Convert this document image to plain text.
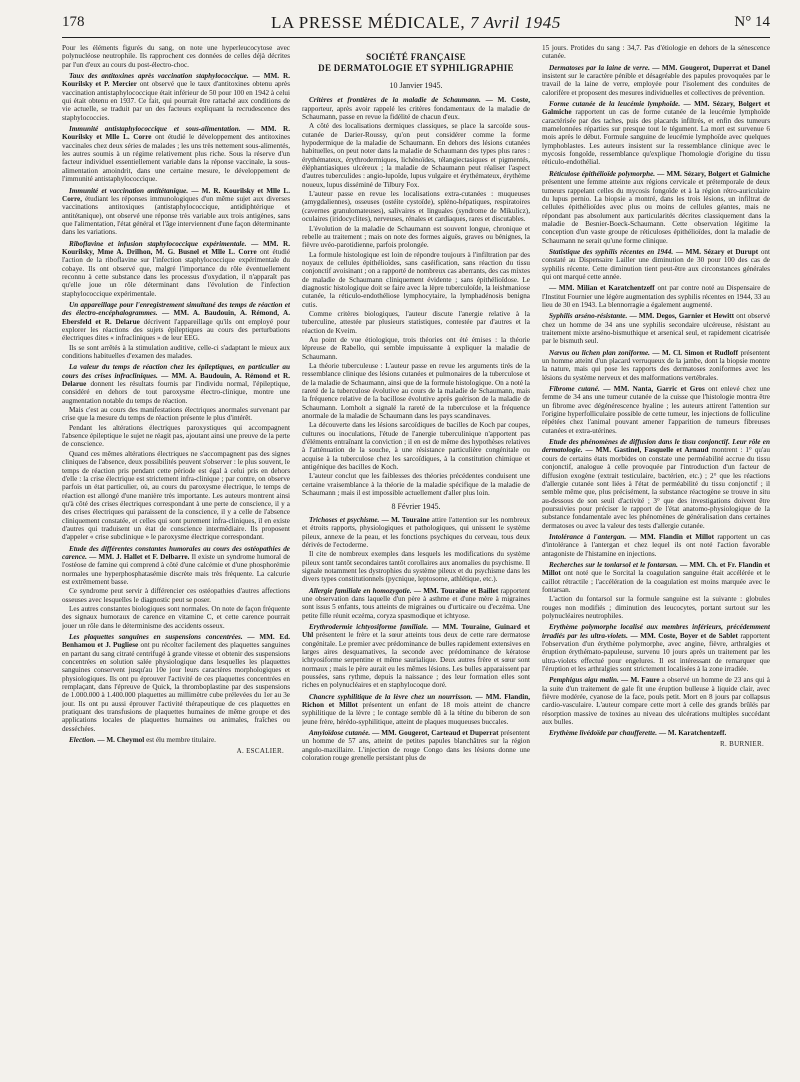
178	LA PRESSE MÉDICALE, 7 Avril 1945	N° 14

Pour les éléments figurés du sang, on note une hyperleucocytose avec polynucléose neutrophile. Ils rapprochent ces données de celles déjà décrites par l'un d'eux au cours du post-électro-choc.

Taux des antitoxines après vaccination staphylococcique. — MM. R. Kourilsky et P. Mercier ont observé que le taux d'antitoxines obtenu après vaccination antistaphylococcique était inférieur de 50 pour 100 en 1942 à celui qui était obtenu en 1937. Ce fait, qui pourrait être rattaché aux conditions de vie actuelle, se traduit par un des facteurs expliquant la recrudescence des staphylococcies.

Immunité antistaphylococcique et sous-alimentation. — MM. R. Kourilsky et Mlle L. Corre ont étudié le développement des antitoxines vaccinales chez deux séries de malades ; les uns très nettement sous-alimentés, les autres soumis à un régime relativement plus riche. Sous la réserve d'un facteur individuel essentiellement variable dans la réponse vaccinale, la sous-alimentation amoindrit, dans une certaine mesure, le développement de l'immunité antistaphylococcique.

Immunité et vaccination antitétanique. — M. R. Kourilsky et Mlle L. Corre, étudiant les réponses immunologiques d'un même sujet aux diverses vaccinations antitoxiques (antistaphylococcique, antidiphtérique et antitétanique), ont observé une réponse très variable aux trois antigènes, sans que l'alimentation, l'état général et l'âge interviennent d'une façon déterminante dans les variations.

Riboflavine et infusion staphylococcique expérimentale. — MM. R. Kourilsky, Mme A. Drilhon, M. G. Busnel et Mlle L. Corre ont étudié l'action de la riboflavine sur l'infection staphylococcique expérimentale du cobaye. Ils ont observé que, malgré l'importance du rôle éventuellement reconnu à cette substance dans les processus d'oxydation, il n'apparaît pas qu'elle joue un rôle déterminant dans l'évolution de l'infection staphylococcique expérimentale.

Un appareillage pour l'enregistrement simultané des temps de réaction et des électro-encéphalogrammes. — MM. A. Baudouin, A. Rémond, A. Ebersfeld et R. Delarue décrivent l'appareillage qu'ils ont employé pour explorer les réactions des sujets épileptiques au cours des perturbations électriques dites « infracliniques » de leur EEG.

Ils se sont arrêtés à la stimulation auditive, celle-ci s'adaptant le mieux aux conditions habituelles d'examen des malades.

La valeur du temps de réaction chez les épileptiques, en particulier au cours des crises infracliniques. — MM. A. Baudouin, A. Rémond et R. Delarue donnent les résultats fournis par l'individu normal, l'épileptique, considéré en dehors de tout paroxysme électro-clinique, montre une augmentation notable du temps de réaction.

Mais c'est au cours des manifestations électriques anormales survenant par crise que la mesure du temps de réaction présente le plus d'intérêt.

Pendant les altérations électriques paroxystiques qui accompagnent l'absence épileptique le sujet ne réagit pas, ajoutant ainsi une preuve de la perte de conscience.

Quand ces mêmes altérations électriques ne s'accompagnent pas des signes cliniques de l'absence, deux possibilités peuvent s'observer : le plus souvent, le temps de réaction pris pendant cette période est égal à celui pris en dehors d'elle : la crise électrique est strictement infra-clinique ; par contre, on observe parfois un état particulier, où, au cours du paroxysme électrique, le temps de réaction est allongé d'une manière très importante. Les auteurs montrent ainsi qu'à côté des crises électriques correspondant à une perte de conscience, il y a des crises électriques qui paraissent de la conscience, il y a celle de l'absence cliniquement constatée, et celles qui sont purement infra-cliniques, il en existe d'autres qui traduisent un état de conscience intermédiaire. Ils proposent d'appeler « crise subclinique » le paroxysme électrique correspondant.

Etude des différentes constantes humorales au cours des ostéopathies de carence. — MM. J. Hallet et F. Delbarre. Il existe un syndrome humoral de l'ostéose de famine qui comprend à côté d'une calcémie et d'une phosphorémie normales une hyperphosphatasémie discrète mais très fréquente. La calcurie est extrêmement basse.

Ce syndrome peut servir à différencier ces ostéopathies d'autres affections osseuses avec lesquelles le diagnostic peut se poser.

Les autres constantes biologiques sont normales. On note de façon fréquente des signaux humoraux de carence en vitamine C, et cette carence pourrait jouer un rôle dans le déterminisme des accidents osseux.

Les plaquettes sanguines en suspensions concentrées. — MM. Ed. Benhamou et J. Pugliese ont pu récolter facilement des plaquettes sanguines en partant du sang citraté centrifugé à grande vitesse et obtenir des suspensions concentrées en solution salée physiologique dans lesquelles les plaquettes sanguines conservent jusqu'au 10e jour leurs caractères morphologiques et physiologiques. Ils ont pu éprouver l'activité de ces plaquettes concentrées en remplaçant, dans l'épreuve de Quick, la thromboplastine par des suspensions de 1.000.000 à 1.400.000 plaquettes au millimètre cube prélevées du 1er au 3e jour. Ils ont pu aussi éprouver l'activité thérapeutique de ces plaquettes en pratiquant des transfusions de plaquettes humaines de même groupe et des applications locales de plaquettes humaines ou animales, fraîches ou desséchées.

Election. — M. Cheymol est élu membre titulaire.

A. ESCALIER.
SOCIÉTÉ FRANÇAISE
DE DERMATOLOGIE ET SYPHILIGRAPHIE
10 Janvier 1945.

Critères et frontières de la maladie de Schaumann. — M. Coste, rapporteur, après avoir rappelé les critères fondamentaux de la maladie de Schaumann, passe en revue la fidélité de chacun d'eux.

A côté des localisations dermiques classiques, se place la sarcoïde sous-cutanée de Darier-Roussy, qu'on peut considérer comme la forme hypodermique de la maladie de Schaumann. En dehors des lésions cutanées habituelles, on peut noter dans la maladie de Schaumann des types plus rares : érythémateux, érythrodermiques, lichénoïdes, télangiectasiques et pigmentés, éléphantiasiques ulcéreux ; la maladie de Schaumann peut réaliser l'aspect d'autres tuberculides : angio-lupoïde, lupus vulgaire et érythémateux, érythème noueux, lupus disséminé de Tilbury Fox.

L'auteur passe en revue les localisations extra-cutanées : muqueuses (amygdaliennes), osseuses (ostéite cystoïde), spléno-hépatiques, respiratoires (cavernes granulomateuses), salivaires et linguales (syndrome de Mikulicz), oculaires (iridocyclites), nerveuses, rénales et cardiaques, rares et discutables.

L'évolution de la maladie de Schaumann est souvent longue, chronique et rebelle au traitement ; mais on note des formes aiguës, graves ou bénignes, la fièvre uvéo-parotidienne, parfois prolongée.

La formule histologique est loin de répondre toujours à l'infiltration par des noyaux de cellules épithélioïdes, sans caséification, sans réaction du tissu conjonctif avoisinant ; on a rapporté de nombreux cas aberrants, des cas mixtes de maladie de Schaumann cliniquement évidente ; sans épithélioïdose. Le diagnostic histologique doit se faire avec la lèpre tuberculoïde, la leishmaniose cutanée, la réticulo-endothéliose lymphocytaire, la lymphadénosis benigna cutis.

Comme critères biologiques, l'auteur discute l'anergie relative à la tuberculine, attestée par plusieurs statistiques, contestée par d'autres et la réaction de Kveim.

Au point de vue étiologique, trois théories ont été émises : la théorie lépreuse de Rabello, qui semble impuissante à expliquer la maladie de Schaumann.

La théorie tuberculeuse : L'auteur passe en revue les arguments tirés de la ressemblance clinique des lésions cutanées et pulmonaires de la tuberculose et de la maladie de Schaumann, ainsi que de la formule histologique. On a noté la rareté de la tuberculose évolutive au cours de la maladie de Schaumann, mais la fréquence relative de la bacillose évolutive après guérison de la maladie de Schaumann. Lomholt a signalé la rareté de la tuberculose et la fréquence anormale de la maladie de Schaumann dans les pays scandinaves.

La découverte dans les lésions sarcoïdiques de bacilles de Koch par coupes, cultures ou inoculations, l'étude de l'anergie tuberculinique n'apportent pas d'éléments entraînant la conviction ; il en est de même des hypothèses relatives à l'atténuation de la souche, à une résistance particulière congénitale ou acquise à la tuberculose chez les sarcoïdiques, à la constitution chimique et antigénique des bacilles de Koch.

L'auteur conclut que les faiblesses des théories précédentes conduisent une certaine vraisemblance à la théorie de la maladie spécifique de la maladie de Schaumann ; mais il est impossible actuellement d'aller plus loin.

8 Février 1945.

Trichoses et psychisme. — M. Touraine attire l'attention sur les nombreux et étroits rapports, physiologiques et pathologiques, qui unissent le système pileux, annexe de la peau, et les fonctions psychiques du cerveau, tous deux dérivés de l'ectoderme.

Il cite de nombreux exemples dans lesquels les modifications du système pileux sont tantôt secondaires tantôt corollaires aux anomalies du psychisme. Il signale notamment les dystrophies du système pileux et du psychisme dans les divers types constitutionnels (pycnique, leptosome, athlétique, etc.).

Allergie familiale en homozygotie. — MM. Touraine et Baillet rapportent une observation dans laquelle d'un père à asthme et d'une mère à migraines sont issus 5 enfants, tous atteints de migraines ou d'urticaire ou d'eczéma. Une petite fille réunit eczéma, coryza spasmodique et ichtyose.

Erythrodermie ichtyosiforme familiale. — MM. Touraine, Guinard et Uhl présentent le frère et la sœur atteints tous deux de cette rare dermatose congénitale. Le premier avec prédominance de bulles rapidement extensives en larges aires desquamatives, la seconde avec prédominance de kératose ichtyosiforme serpentine et même saurialique. Deux autres frère et sœur sont normaux ; mais le père aurait eu les mêmes lésions. Les bulles apparaissent par poussées, sans rythme, depuis la naissance ; des leur formation elles sont riches en polynucléaires et en staphylocoque doré.

Chancre syphilitique de la lèvre chez un nourrisson. — MM. Flandin, Richon et Millot présentent un enfant de 18 mois atteint de chancre syphilitique de la lèvre ; le contage semble dû à la tétine du biberon de son jeune frère, hérédo-syphilitique, atteint de plaques muqueuses buccales.

Amyloïdose cutanée. — MM. Gougerot, Carteaud et Duperrat présentent un homme de 57 ans, atteint de petites papules blanchâtres sur la région angulo-maxillaire. L'injection de rouge Congo dans les lésions donne une coloration rouge grenelle persistant plus de

15 jours. Protides du sang : 34,7. Pas d'étiologie en dehors de la sénescence cutanée.

Dermatoses par la laine de verre. — MM. Gougerot, Duperrat et Danel insistent sur le caractère pénible et désagréable des papules provoquées par le travail de la laine de verre, employée pour l'isolement des conduites de calorifère et proposent des mesures individuelles et collectives de prévention.

Forme cutanée de la leucémie lymphoïde. — MM. Sézary, Bolgert et Galmiche rapportent un cas de forme cutanée de la leucémie lymphoïde caractérisée par des taches, puis des placards infiltrés, et enfin des tumeurs mamelonnées réparties sur presque tout le tégument. La mort est survenue 6 mois après le début. Formule sanguine de leucémie lymphoïde avec quelques lymphoblastes. Les auteurs insistent sur la ressemblance clinique avec le mycosis fongoïde, ressemblance qu'explique l'homologie d'origine du tissu réticulo-endothélial.

Réticulose épithélioïde polymorphe. — MM. Sézary, Bolgert et Galmiche présentent une femme atteinte aux régions cervicale et prétemporale de deux tumeurs rappelant celles du mycosis fongoïde et à la région rétro-auriculaire du lupus pernio. La biopsie a montré, dans les trois lésions, un infiltrat de cellules épithélioïdes avec plus ou moins de cellules géantes, mais ne répondant pas absolument aux particularités décrites classiquement dans la maladie de Besnier-Boeck-Schaumann. Cette observation légitime la conception d'un vaste groupe de réticuloses épithélioïdes, dont la maladie de Schaumann ne serait qu'une forme clinique.

Statistique des syphilis récentes en 1944. — MM. Sézary et Durupt ont constaté au Dispensaire Lailler une diminution de 30 pour 100 des cas de syphilis récente. Cette diminution tient peut-être aux circonstances générales qui ont marqué cette année.

— MM. Milian et Karatchentzeff ont par contre noté au Dispensaire de l'Institut Fournier une légère augmentation des syphilis récentes en 1944, 33 au lieu de 30 en 1943. La blennorragie a également augmenté.

Syphilis arséno-résistante. — MM. Degos, Garnier et Hewitt ont observé chez un homme de 34 ans une syphilis secondaire ulcéreuse, résistant au traitement mixte arséno-bismuthique et arsenical seul, et rapidement cicatrisée par le bismuth seul.

Nævus ou lichen plan zoniforme. — M. Cl. Simon et Rudloff présentent un homme atteint d'un placard verruqueux de la jambe, dont la biopsie montre la nature, mais qui pose les rapports des dermatoses zoniformes avec les lésions du système nerveux et des malformations vertébrales.

Fibrome cutané. — MM. Nanta, Garric et Gros ont enlevé chez une femme de 34 ans une tumeur cutanée de la cuisse que l'histologie montra être un fibrome avec dégénérescence hyaline ; les auteurs attirent l'attention sur l'origine hyperfolliculaire possible de cette tumeur, les injections de folliculine répétées chez l'animal pouvant amener l'apparition de tumeurs fibreuses cutanées et extra-utérines.

Etude des phénomènes de diffusion dans le tissu conjonctif. Leur rôle en dermatologie. — MM. Gastinel, Fasquelle et Arnaud montrent : 1° qu'au cours de certains états morbides on constate une perméabilité accrue du tissu conjonctif, analogue à celle provoquée par l'introduction d'un facteur de diffusion exogène (extrait testiculaire, bactérien, etc.) ; 2° que les réactions d'allergie cutanée sont liées à l'état de perméabilité du tissu conjonctif ; il semble même que, plus précisément, la substance réactogène se trouve in situ au-dessous de son seuil d'activité ; 3° que des investigations doivent être poursuivies pour préciser le rapport de l'état anatomo-physiologique de la substance fondamentale avec les phénomènes de généralisation dans certaines dermatoses ou avec la valeur des tests d'allergie cutanée.

Intolérance à l'antergan. — MM. Flandin et Millot rapportent un cas d'intolérance à l'antergan et chez lequel ils ont noté l'action favorable antagoniste de l'histamine en injections.

Recherches sur le tonlarsol et le fontarsan. — MM. Ch. et Fr. Flandin et Millot ont noté que le Sorcital la coagulation sanguine était accélérée et le caillot rétractile ; l'accélération de la coagulation est moins marquée avec le fontarsan.

L'action du fontarsol sur la formule sanguine est la suivante : globules rouges non modifiés ; diminution des leucocytes, portant surtout sur les polynucléaires neutrophiles.

Erythème polymorphe localisé aux membres inférieurs, précédemment irradiés par les ultra-violets. — MM. Coste, Boyer et de Sablet rapportent l'observation d'un érythème polymorphe, avec angine, fièvre, arthralgies et éruption érythémato-papuleuse, survenu 10 jours après un traitement par les ultra-violets effectué pour engelures. Il est intéressant de remarquer que l'éruption et les arthralgies sont strictement localisées à la zone irradiée.

Pemphigus aigu malin. — M. Faure a observé un homme de 23 ans qui à la suite d'un traitement de gale fit une éruption bulleuse à liquide clair, avec fièvre modérée, cyanose de la face, pouls petit. Mort en 8 jours par collapsus cardio-vasculaire. L'auteur compare cette mort à celle des grands brûlés par résorption massive de toxines au niveau des ulcérations multiples succédant aux bulles.

Erythème livédoïde par chaufferette. — M. Karatchentzeff.

R. BURNIER.
